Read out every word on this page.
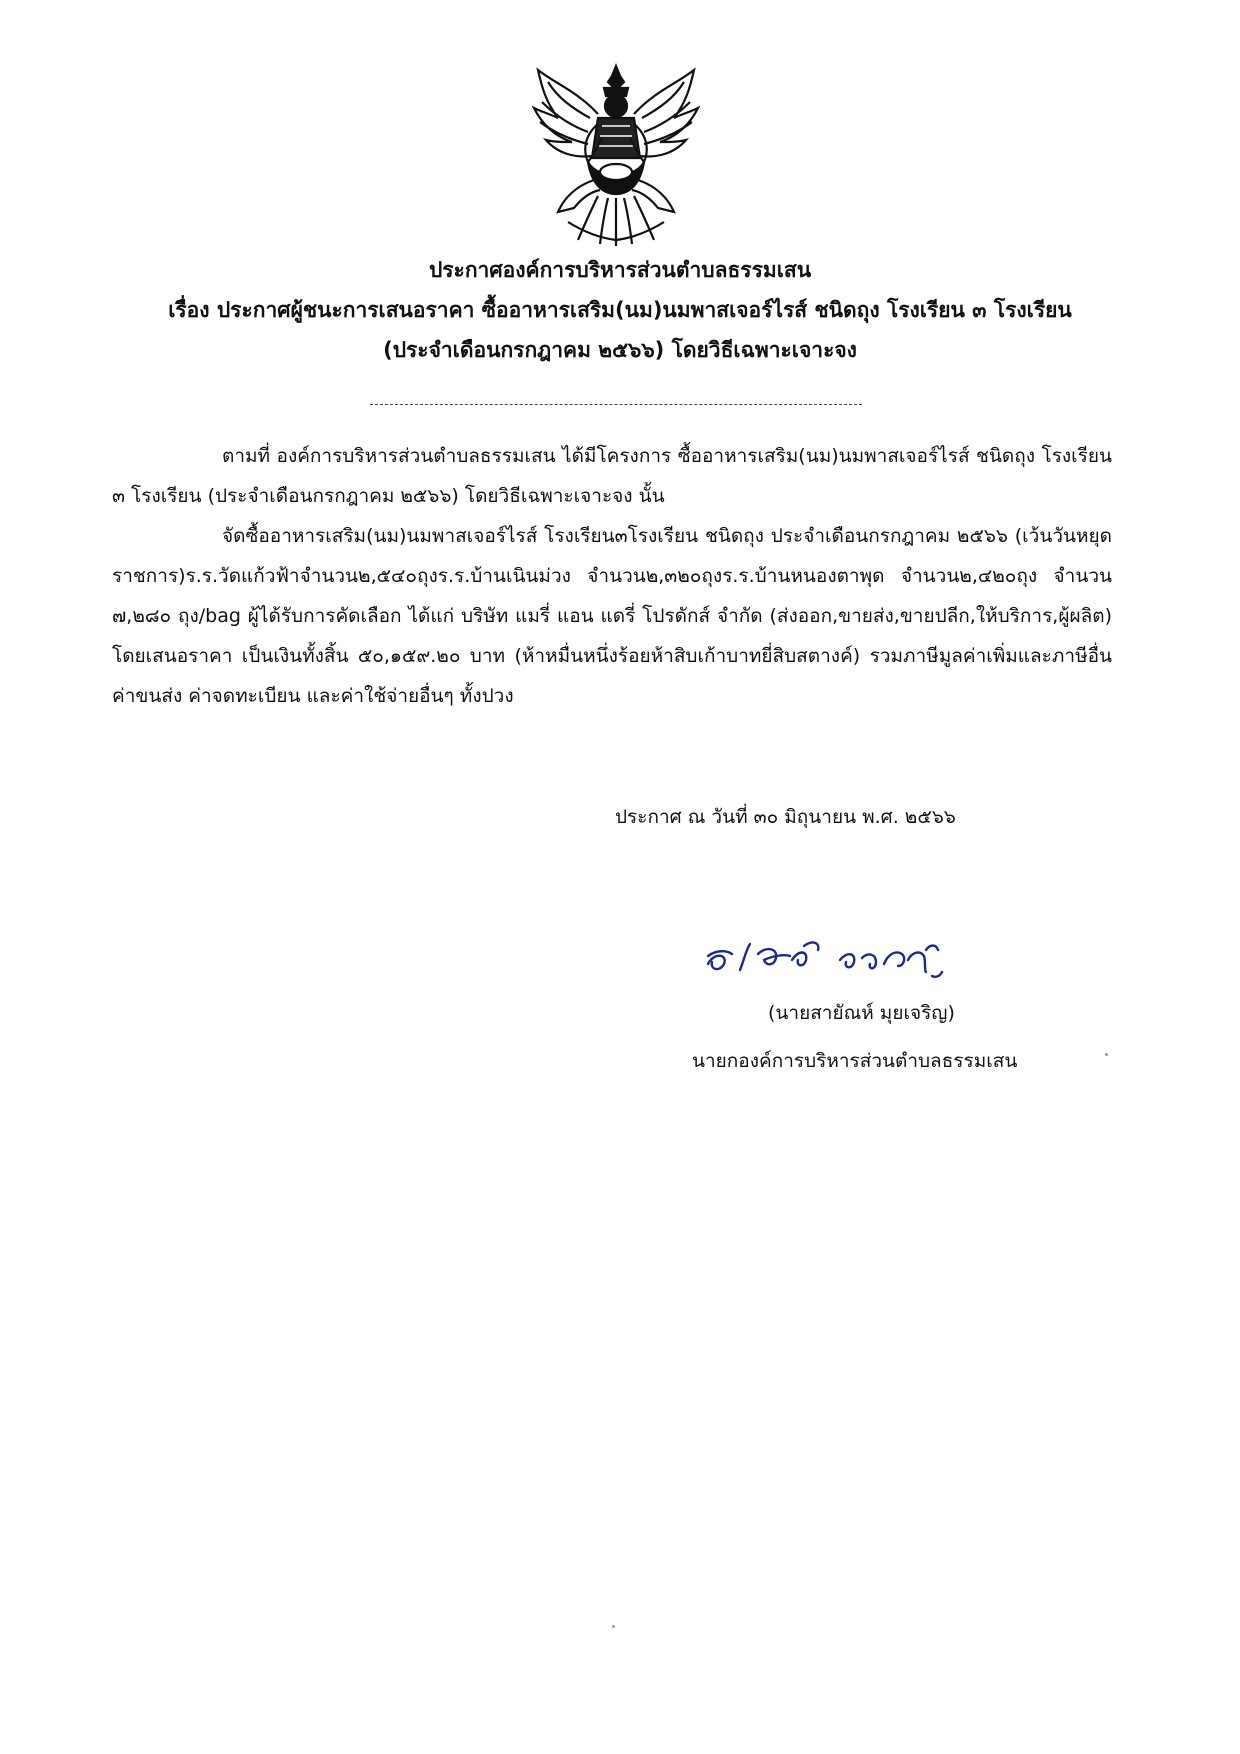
ประกาศองค์การบริหารส่วนตำบลธรรมเสน
เรื่อง ประกาศผู้ชนะการเสนอราคา ซื้ออาหารเสริม(นม)นมพาสเจอร์ไรส์ ชนิดถุง โรงเรียน ๓ โรงเรียน
(ประจำเดือนกรกฎาคม ๒๕๖๖) โดยวิธีเฉพาะเจาะจง

ตามที่ องค์การบริหารส่วนตำบลธรรมเสน ได้มีโครงการ ซื้ออาหารเสริม(นม)นมพาสเจอร์ไรส์ ชนิดถุง โรงเรียน ๓ โรงเรียน (ประจำเดือนกรกฎาคม ๒๕๖๖) โดยวิธีเฉพาะเจาะจง นั้น

จัดซื้ออาหารเสริม(นม)นมพาสเจอร์ไรส์ โรงเรียน๓โรงเรียน ชนิดถุง ประจำเดือนกรกฎาคม ๒๕๖๖ (เว้นวันหยุดราชการ)ร.ร.วัดแก้วฟ้าจำนวน๒,๕๔๐ถุงร.ร.บ้านเนินม่วง จำนวน๒,๓๒๐ถุงร.ร.บ้านหนองตาพุด จำนวน๒,๔๒๐ถุง จำนวน ๗,๒๘๐ ถุง/bag ผู้ได้รับการคัดเลือก ได้แก่ บริษัท แมรี่ แอน แดรี่ โปรดักส์ จำกัด (ส่งออก,ขายส่ง,ขายปลีก,ให้บริการ,ผู้ผลิต) โดยเสนอราคา เป็นเงินทั้งสิ้น ๕๐,๑๕๙.๒๐ บาท (ห้าหมื่นหนึ่งร้อยห้าสิบเก้าบาทยี่สิบสตางค์) รวมภาษีมูลค่าเพิ่มและภาษีอื่น ค่าขนส่ง ค่าจดทะเบียน และค่าใช้จ่ายอื่นๆ ทั้งปวง

ประกาศ ณ วันที่ ๓๐ มิถุนายน พ.ศ. ๒๕๖๖
(นายสายัณห์ มุยเจริญ)
นายกองค์การบริหารส่วนตำบลธรรมเสน
